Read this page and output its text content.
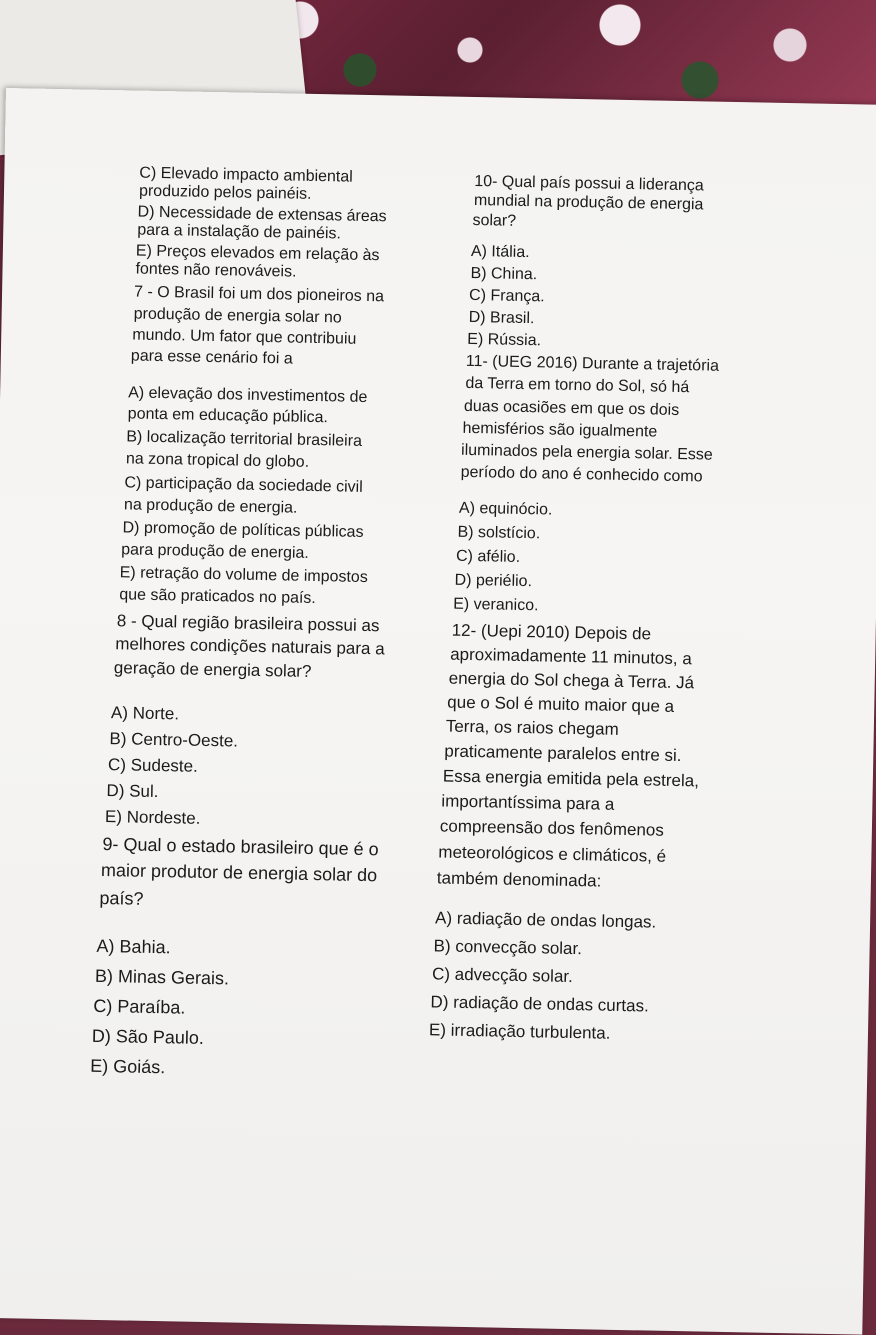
C) Elevado impacto ambiental
produzido pelos painéis.
D) Necessidade de extensas áreas
para a instalação de painéis.
E) Preços elevados em relação às
fontes não renováveis.
7 - O Brasil foi um dos pioneiros na
produção de energia solar no
mundo. Um fator que contribuiu
para esse cenário foi a
A) elevação dos investimentos de
ponta em educação pública.
B) localização territorial brasileira
na zona tropical do globo.
C) participação da sociedade civil
na produção de energia.
D) promoção de políticas públicas
para produção de energia.
E) retração do volume de impostos
que são praticados no país.
8 - Qual região brasileira possui as
melhores condições naturais para a
geração de energia solar?
A) Norte.
B) Centro-Oeste.
C) Sudeste.
D) Sul.
E) Nordeste.
9- Qual o estado brasileiro que é o
maior produtor de energia solar do
país?
A) Bahia.
B) Minas Gerais.
C) Paraíba.
D) São Paulo.
E) Goiás.
10- Qual país possui a liderança
mundial na produção de energia
solar?
A) Itália.
B) China.
C) França.
D) Brasil.
E) Rússia.
11- (UEG 2016) Durante a trajetória
da Terra em torno do Sol, só há
duas ocasiões em que os dois
hemisférios são igualmente
iluminados pela energia solar. Esse
período do ano é conhecido como
A) equinócio.
B) solstício.
C) afélio.
D) periélio.
E) veranico.
12- (Uepi 2010) Depois de
aproximadamente 11 minutos, a
energia do Sol chega à Terra. Já
que o Sol é muito maior que a
Terra, os raios chegam
praticamente paralelos entre si.
Essa energia emitida pela estrela,
importantíssima para a
compreensão dos fenômenos
meteorológicos e climáticos, é
também denominada:
A) radiação de ondas longas.
B) convecção solar.
C) advecção solar.
D) radiação de ondas curtas.
E) irradiação turbulenta.
